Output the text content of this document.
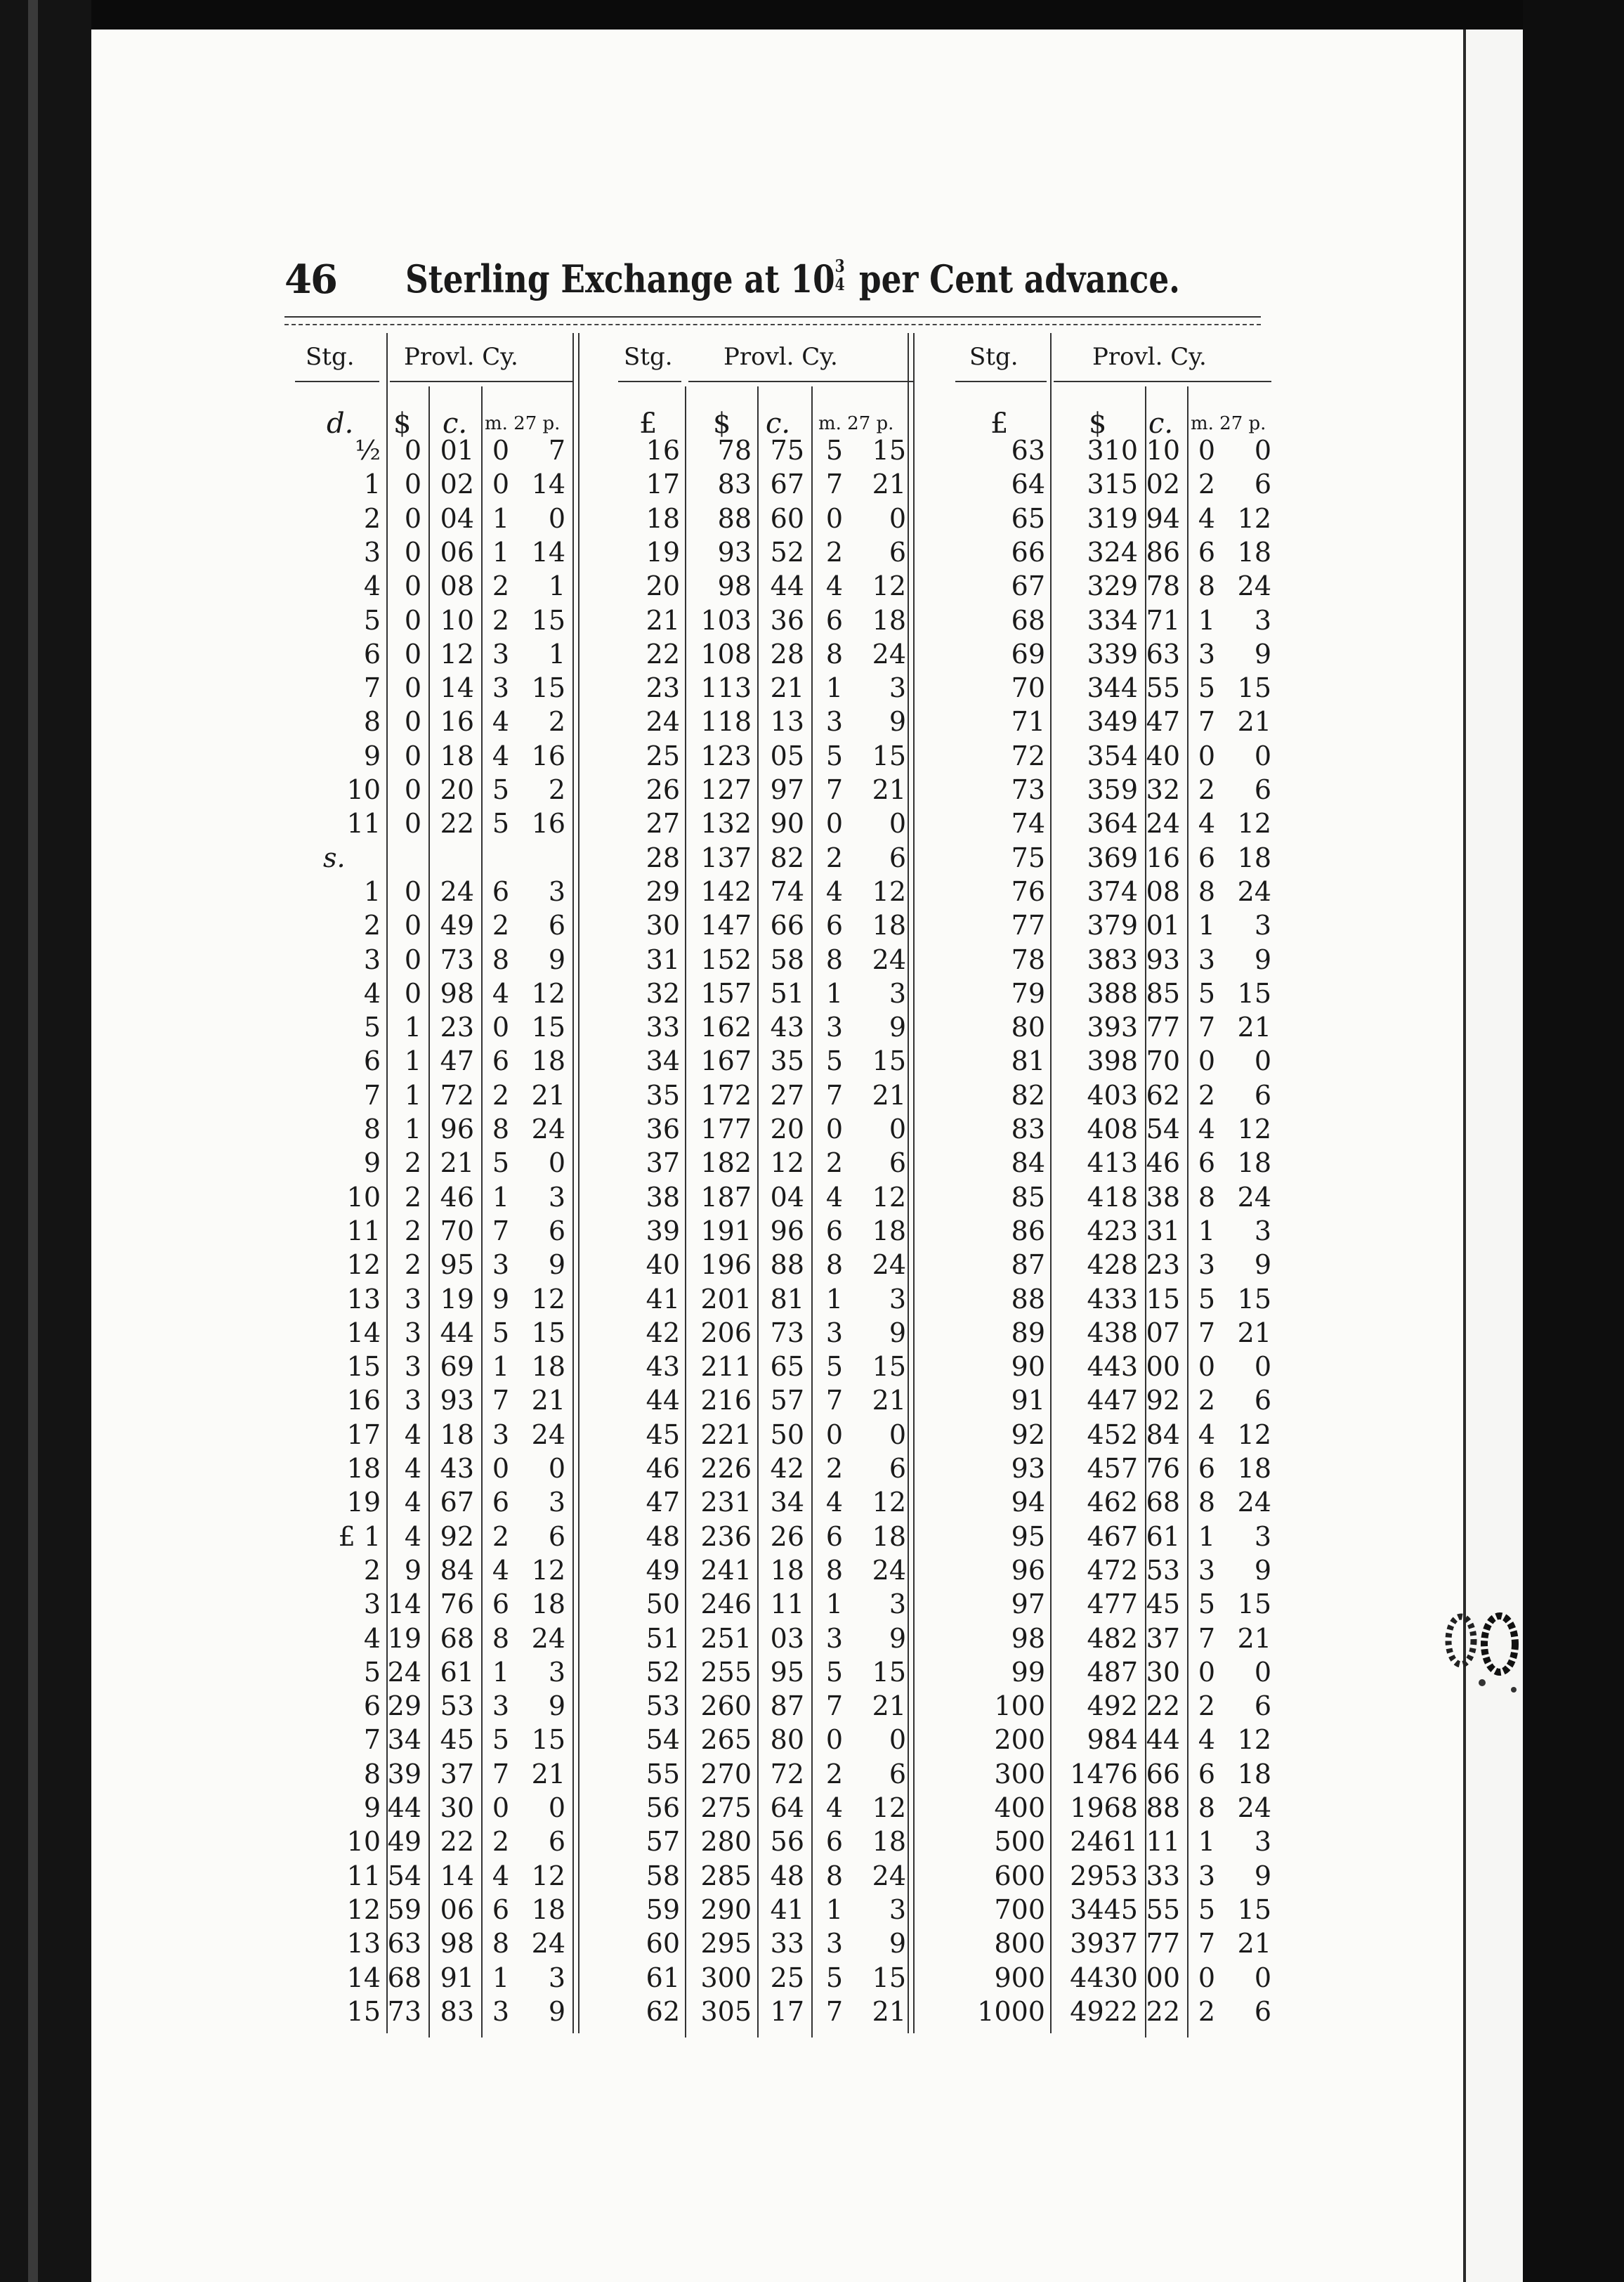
46 Sterling Exchange at 10 3
4 per Cent advance.
Stg. Provl. Cy.
d. $ c. m. 27 p.
½ 0 01 0	7
1 0 02 0 14
2 0 04 1	0
3 0 06 1 14
4 0 08 2	1
5 0 10 2 15
6 0 12 3	1
7 0 14 3 15
8 0 16 4	2
9 0 18 4 16
10 0 20 5	2
11 0 22 5 16
s.
1 0 24 6	3
2 0 49 2	6
3 0 73 8	9
4 0 98 4 12
5 1 23 0 15
6 1 47 6 18
7 1 72 2 21
8 1 96 8 24
9 2 21 5	0
10 2 46 1	3
11 2 70 7	6
12 2 95 3	9
13 3 19 9 12
14 3 44 5 15
15 3 69 1 18
16 3 93 7 21
17 4 18 3 24
18 4 43 0	0
19 4 67 6	3
£ 1 4 92 2	6
2 9 84 4 12
3 14 76 6 18
4 19 68 8 24
5 24 61 1	3
6 29 53 3	9
7 34 45 5 15
8 39 37 7 21
9 44 30 0	0
10 49 22 2	6
11 54 14 4 12
12 59 06 6 18
13 63 98 8 24
14 68 91 1	3
15 73 83 3	9
Stg. Provl. Cy.
£ $ c. m. 27 p.
16	78 75 5	15
17	83 67 7	21
18	88 60 0	0
19	93 52 2	6
20	98 44 4	12
21 103 36 6	18
22 108 28 8	24
23 113 21 1	3
24 118 13 3	9
25 123 05 5	15
26 127 97 7	21
27 132 90 0	0
28 137 82 2	6
29 142 74 4	12
30 147 66 6	18
31 152 58 8	24
32 157 51 1	3
33 162 43 3	9
34 167 35 5	15
35 172 27 7	21
36 177 20 0	0
37 182 12 2	6
38 187 04 4	12
39 191 96 6	18
40 196 88 8	24
41 201 81 1	3
42 206 73 3	9
43 211 65 5	15
44 216 57 7	21
45 221 50 0	0
46 226 42 2	6
47 231 34 4	12
48 236 26 6	18
49 241 18 8	24
50 246 11 1	3
51 251 03 3	9
52 255 95 5	15
53 260 87 7	21
54 265 80 0	0
55 270 72 2	6
56 275 64 4	12
57 280 56 6	18
58 285 48 8	24
59 290 41 1	3
60 295 33 3	9
61 300 25 5	15
62 305 17 7	21
Stg.	Provl. Cy.
£	$ c. m. 27 p.
63	310 10 0	0
64	315 02 2	6
65	319 94 4 12
66	324 86 6 18
67	329 78 8 24
68	334 71 1	3
69	339 63 3	9
70	344 55 5 15
71	349 47 7 21
72	354 40 0	0
73	359 32 2	6
74	364 24 4 12
75	369 16 6 18
76	374 08 8 24
77	379 01 1	3
78	383 93 3	9
79	388 85 5 15
80	393 77 7 21
81	398 70 0	0
82	403 62 2	6
83	408 54 4 12
84	413 46 6 18
85	418 38 8 24
86	423 31 1	3
87	428 23 3	9
88	433 15 5 15
89	438 07 7 21
90	443 00 0	0
91	447 92 2	6
92	452 84 4 12
93	457 76 6 18
94	462 68 8 24
95	467 61 1	3
96	472 53 3	9
97	477 45 5 15
98	482 37 7 21
99	487 30 0	0
100	492 22 2	6
200	984 44 4 12
300 1476 66 6 18
400 1968 88 8 24
500 2461 11 1	3
600 2953 33 3	9
700 3445 55 5 15
800 3937 77 7 21
900 4430 00 0	0
1000 4922 22 2	6
